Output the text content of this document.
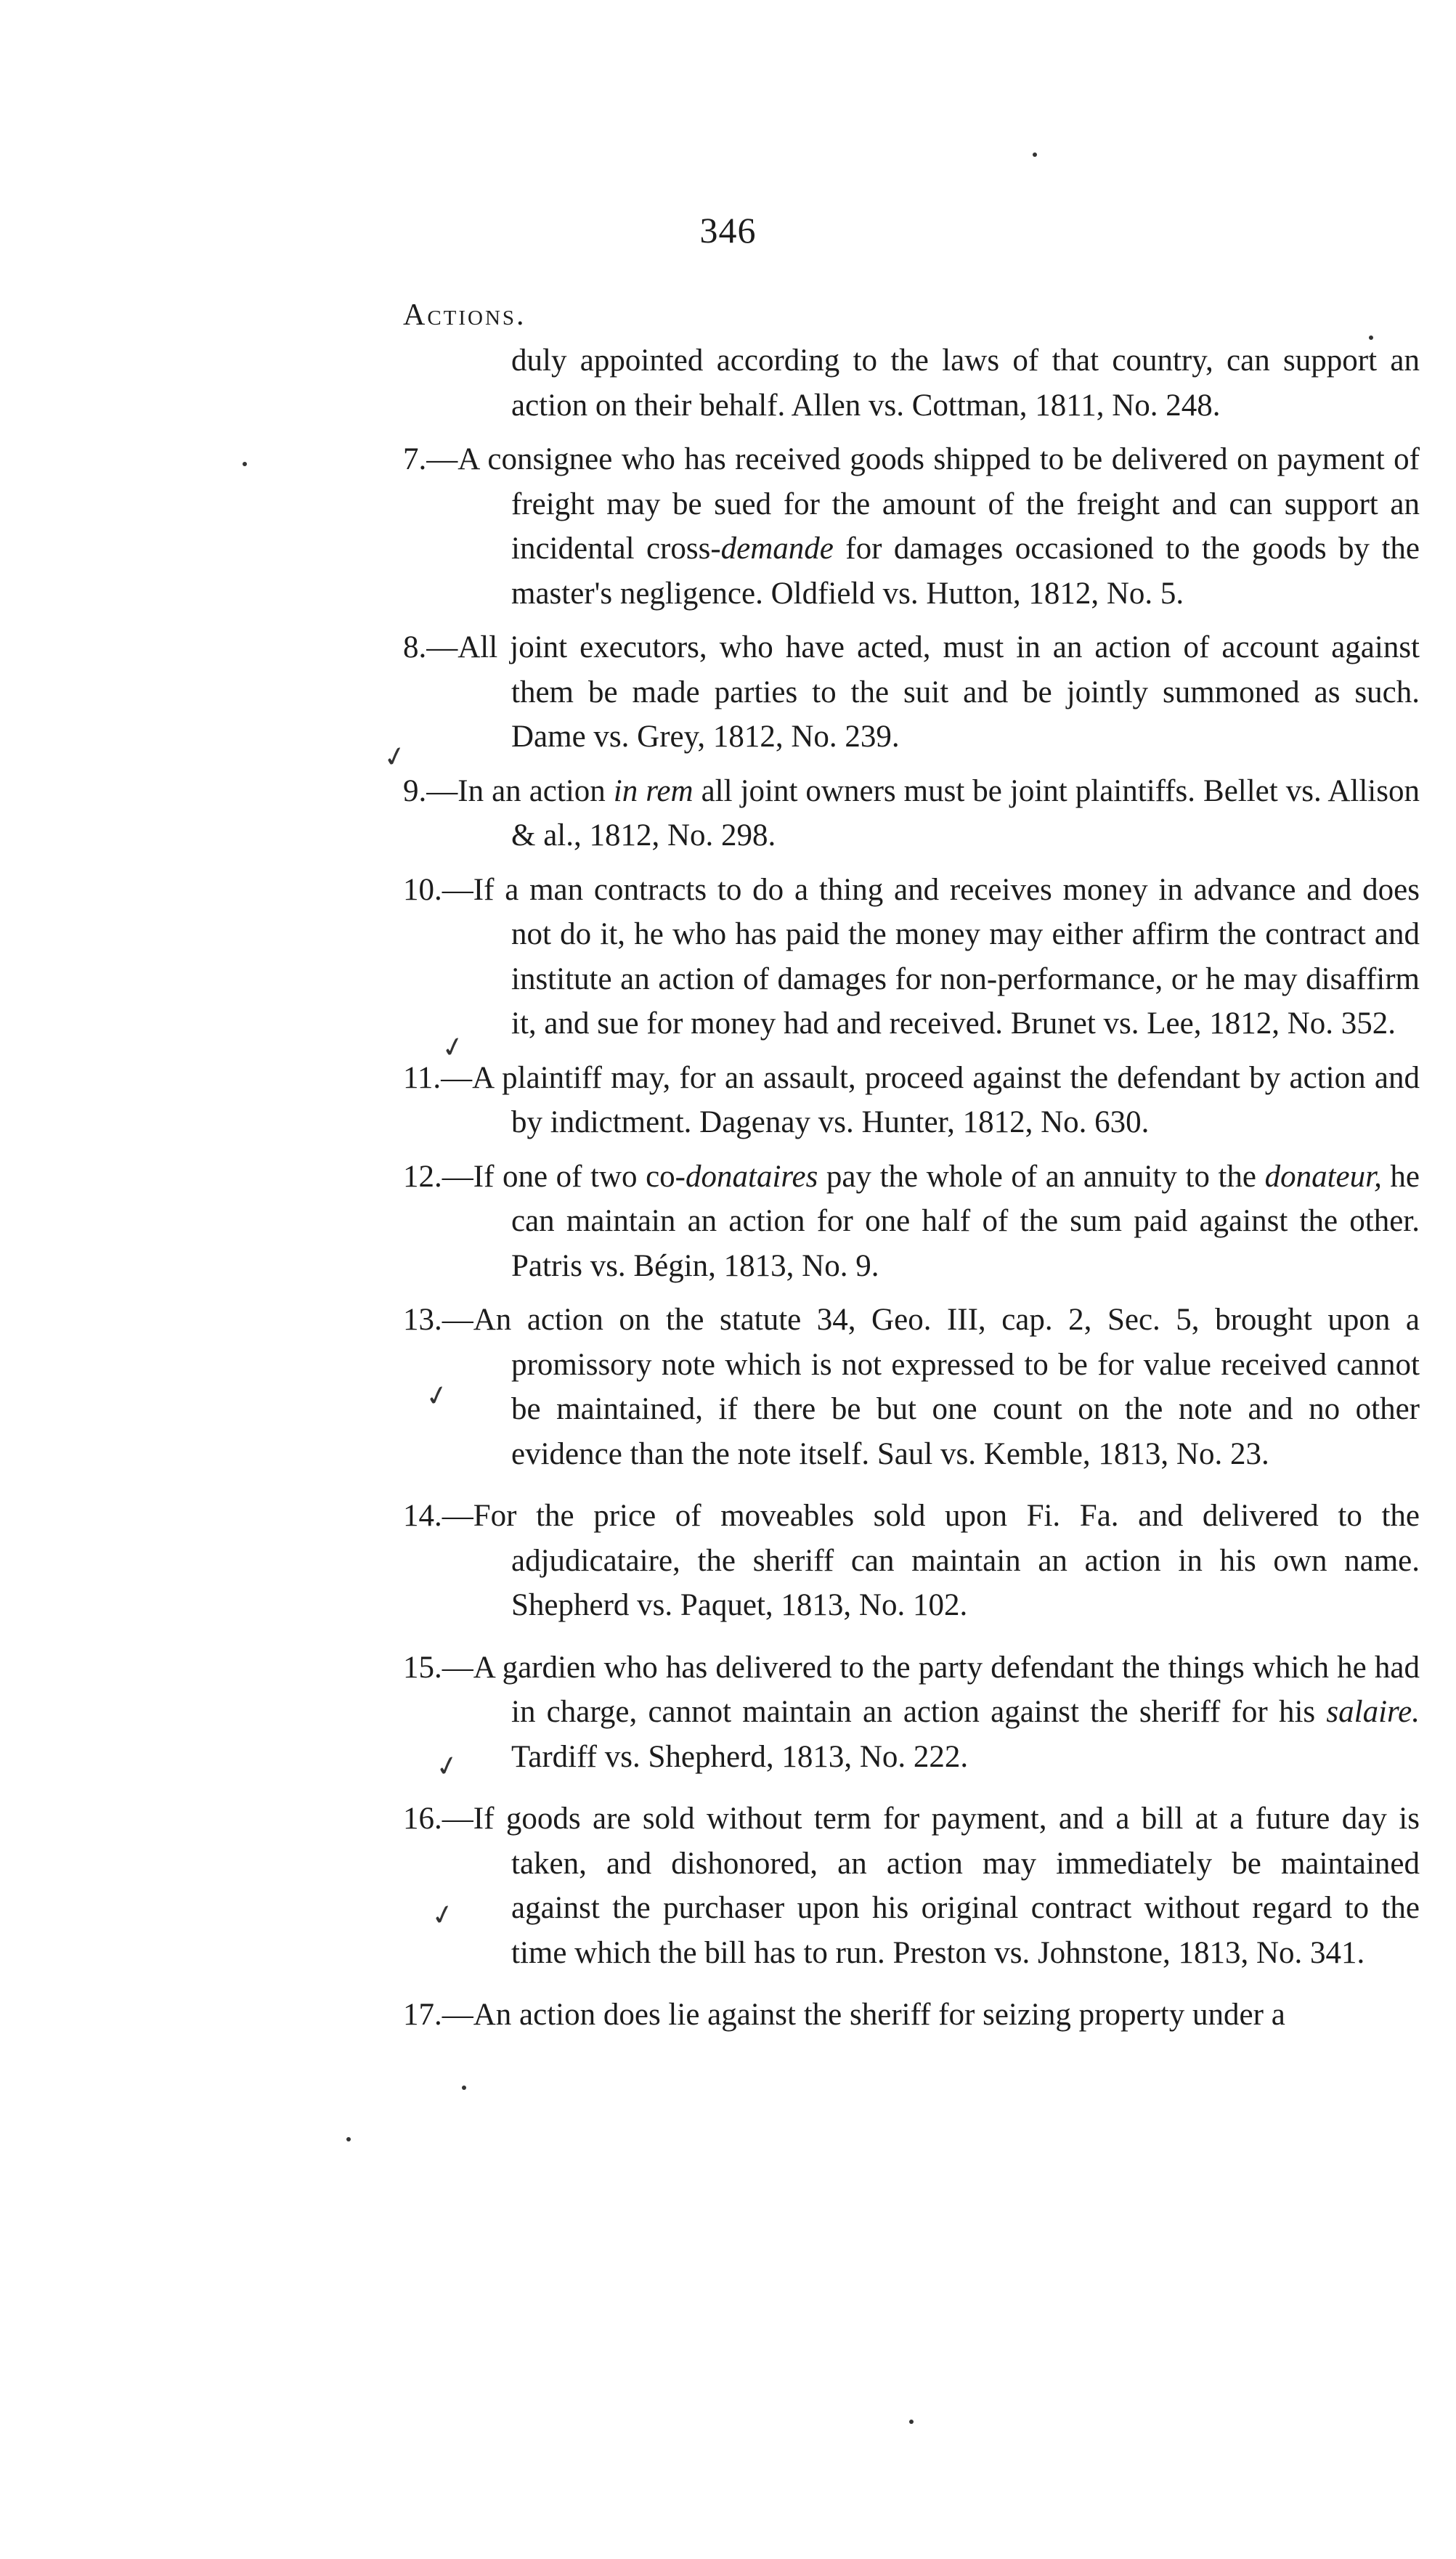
346
Actions.

duly appointed according to the laws of that country, can support an action on their behalf. Allen vs. Cottman, 1811, No. 248.

7.—A consignee who has received goods shipped to be delivered on payment of freight may be sued for the amount of the freight and can support an incidental cross-demande for damages occasioned to the goods by the master's negligence. Oldfield vs. Hutton, 1812, No. 5.

8.—All joint executors, who have acted, must in an action of account against them be made parties to the suit and be jointly summoned as such. Dame vs. Grey, 1812, No. 239.

9.—In an action in rem all joint owners must be joint plaintiffs. Bellet vs. Allison & al., 1812, No. 298.

10.—If a man contracts to do a thing and receives money in advance and does not do it, he who has paid the money may either affirm the contract and institute an action of damages for non-performance, or he may disaffirm it, and sue for money had and received. Brunet vs. Lee, 1812, No. 352.

11.—A plaintiff may, for an assault, proceed against the defendant by action and by indictment. Dagenay vs. Hunter, 1812, No. 630.

12.—If one of two co-donataires pay the whole of an annuity to the donateur, he can maintain an action for one half of the sum paid against the other. Patris vs. Bégin, 1813, No. 9.

13.—An action on the statute 34, Geo. III, cap. 2, Sec. 5, brought upon a promissory note which is not expressed to be for value received cannot be maintained, if there be but one count on the note and no other evidence than the note itself. Saul vs. Kemble, 1813, No. 23.

14.—For the price of moveables sold upon Fi. Fa. and delivered to the adjudicataire, the sheriff can maintain an action in his own name. Shepherd vs. Paquet, 1813, No. 102.

15.—A gardien who has delivered to the party defendant the things which he had in charge, cannot maintain an action against the sheriff for his salaire. Tardiff vs. Shepherd, 1813, No. 222.

16.—If goods are sold without term for payment, and a bill at a future day is taken, and dishonored, an action may immediately be maintained against the purchaser upon his original contract without regard to the time which the bill has to run. Preston vs. Johnstone, 1813, No. 341.

17.—An action does lie against the sheriff for seizing property under a

✓
✓
✓
✓
✓
